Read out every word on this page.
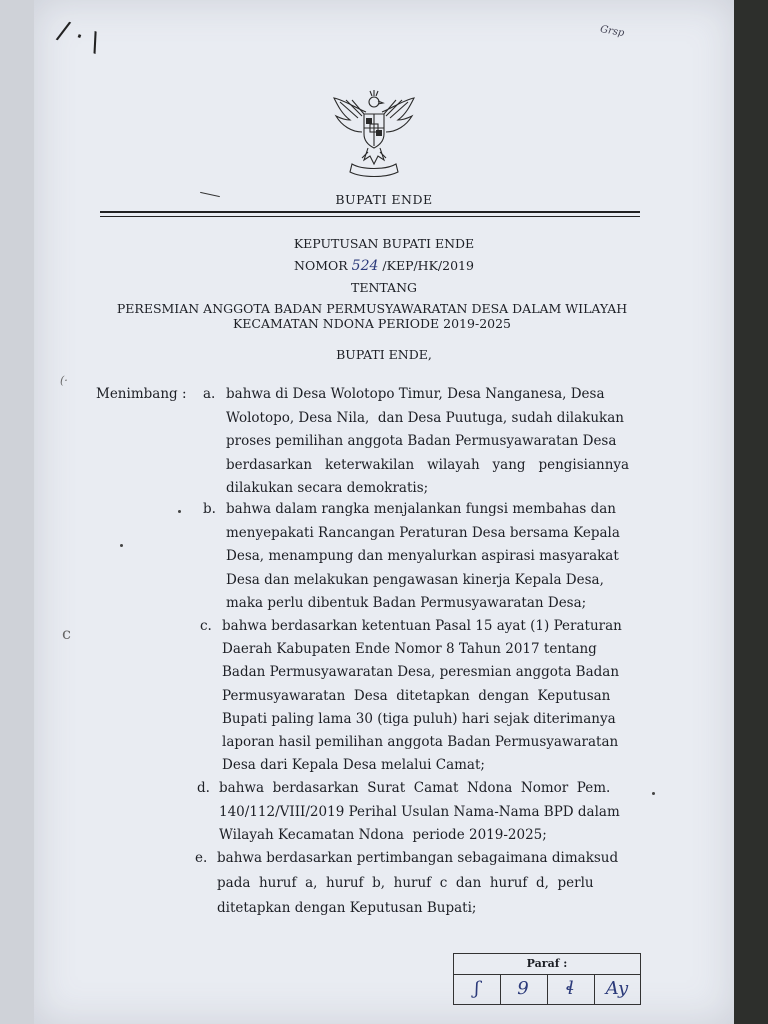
/ · \	Grsp
BUPATI ENDE
KEPUTUSAN BUPATI ENDE
NOMOR 524 /KEP/HK/2019
TENTANG
PERESMIAN ANGGOTA BADAN PERMUSYAWARATAN DESA DALAM WILAYAH
KECAMATAN NDONA PERIODE 2019-2025
BUPATI ENDE,
(·
c
Menimbang : a. bahwa di Desa Wolotopo Timur, Desa Nanganesa, Desa
Wolotopo, Desa Nila,  dan Desa Puutuga, sudah dilakukan
proses pemilihan anggota Badan Permusyawaratan Desa
berdasarkan   keterwakilan   wilayah   yang   pengisiannya
dilakukan secara demokratis;
b. bahwa dalam rangka menjalankan fungsi membahas dan
menyepakati Rancangan Peraturan Desa bersama Kepala
Desa, menampung dan menyalurkan aspirasi masyarakat
Desa dan melakukan pengawasan kinerja Kepala Desa,
maka perlu dibentuk Badan Permusyawaratan Desa;
c. bahwa berdasarkan ketentuan Pasal 15 ayat (1) Peraturan
Daerah Kabupaten Ende Nomor 8 Tahun 2017 tentang
Badan Permusyawaratan Desa, peresmian anggota Badan
Permusyawaratan  Desa  ditetapkan  dengan  Keputusan
Bupati paling lama 30 (tiga puluh) hari sejak diterimanya
laporan hasil pemilihan anggota Badan Permusyawaratan
Desa dari Kepala Desa melalui Camat;
d. bahwa  berdasarkan  Surat  Camat  Ndona  Nomor  Pem.
140/112/VIII/2019 Perihal Usulan Nama-Nama BPD dalam
Wilayah Kecamatan Ndona  periode 2019-2025;
e. bahwa berdasarkan pertimbangan sebagaimana dimaksud
pada  huruf  a,  huruf  b,  huruf  c  dan  huruf  d,  perlu
ditetapkan dengan Keputusan Bupati;
Paraf :
ʃ	9	ɬ	Ay
